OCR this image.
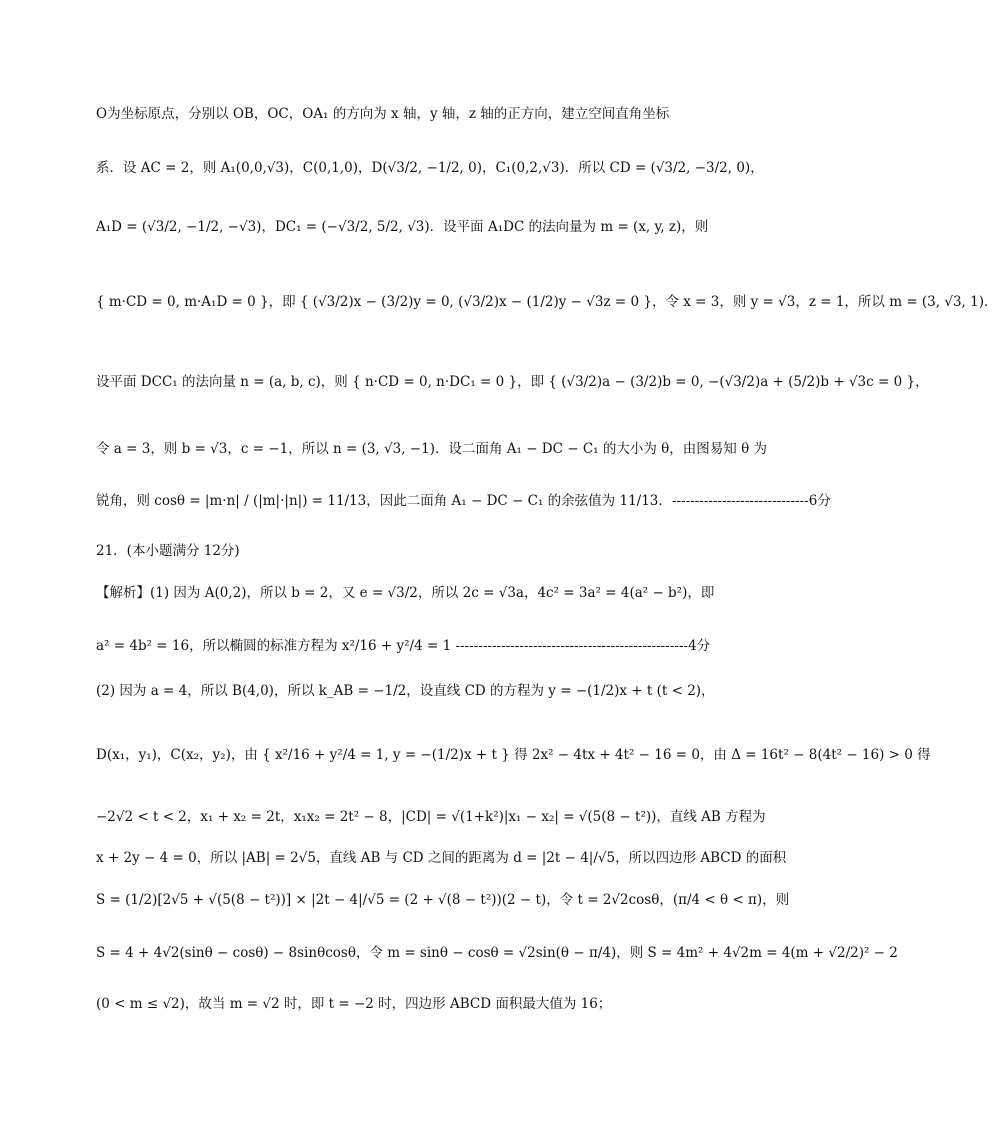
O为坐标原点，分别以 OB，OC，OA₁ 的方向为 x 轴，y 轴，z 轴的正方向，建立空间直角坐标
系．设 AC = 2，则 A₁(0,0,√3)，C(0,1,0)，D(√3/2, −1/2, 0)，C₁(0,2,√3)．所以 CD = (√3/2, −3/2, 0)，
A₁D = (√3/2, −1/2, −√3)，DC₁ = (−√3/2, 5/2, √3)．设平面 A₁DC 的法向量为 m = (x, y, z)，则
{ m·CD = 0, m·A₁D = 0 }，即 { (√3/2)x − (3/2)y = 0, (√3/2)x − (1/2)y − √3z = 0 }，令 x = 3，则 y = √3，z = 1，所以 m = (3, √3, 1)．
设平面 DCC₁ 的法向量 n = (a, b, c)，则 { n·CD = 0, n·DC₁ = 0 }，即 { (√3/2)a − (3/2)b = 0, −(√3/2)a + (5/2)b + √3c = 0 }，
令 a = 3，则 b = √3，c = −1，所以 n = (3, √3, −1)．设二面角 A₁ − DC − C₁ 的大小为 θ，由图易知 θ 为
锐角，则 cosθ = |m·n| / (|m|·|n|) = 11/13，因此二面角 A₁ − DC − C₁ 的余弦值为 11/13．------------------------------6分
21．(本小题满分 12分)
【解析】(1) 因为 A(0,2)，所以 b = 2，又 e = √3/2，所以 2c = √3a，4c² = 3a² = 4(a² − b²)，即
a² = 4b² = 16，所以椭圆的标准方程为 x²/16 + y²/4 = 1 ---------------------------------------------------4分
(2) 因为 a = 4，所以 B(4,0)，所以 k_AB = −1/2，设直线 CD 的方程为 y = −(1/2)x + t (t < 2)，
D(x₁，y₁)，C(x₂，y₂)，由 { x²/16 + y²/4 = 1, y = −(1/2)x + t } 得 2x² − 4tx + 4t² − 16 = 0，由 Δ = 16t² − 8(4t² − 16) > 0 得
−2√2 < t < 2，x₁ + x₂ = 2t，x₁x₂ = 2t² − 8，|CD| = √(1+k²)|x₁ − x₂| = √(5(8 − t²))，直线 AB 方程为
x + 2y − 4 = 0，所以 |AB| = 2√5，直线 AB 与 CD 之间的距离为 d = |2t − 4|/√5，所以四边形 ABCD 的面积
S = (1/2)[2√5 + √(5(8 − t²))] × |2t − 4|/√5 = (2 + √(8 − t²))(2 − t)，令 t = 2√2cosθ，(π/4 < θ < π)，则
S = 4 + 4√2(sinθ − cosθ) − 8sinθcosθ，令 m = sinθ − cosθ = √2sin(θ − π/4)，则 S = 4m² + 4√2m = 4(m + √2/2)² − 2
(0 < m ≤ √2)，故当 m = √2 时，即 t = −2 时，四边形 ABCD 面积最大值为 16；
